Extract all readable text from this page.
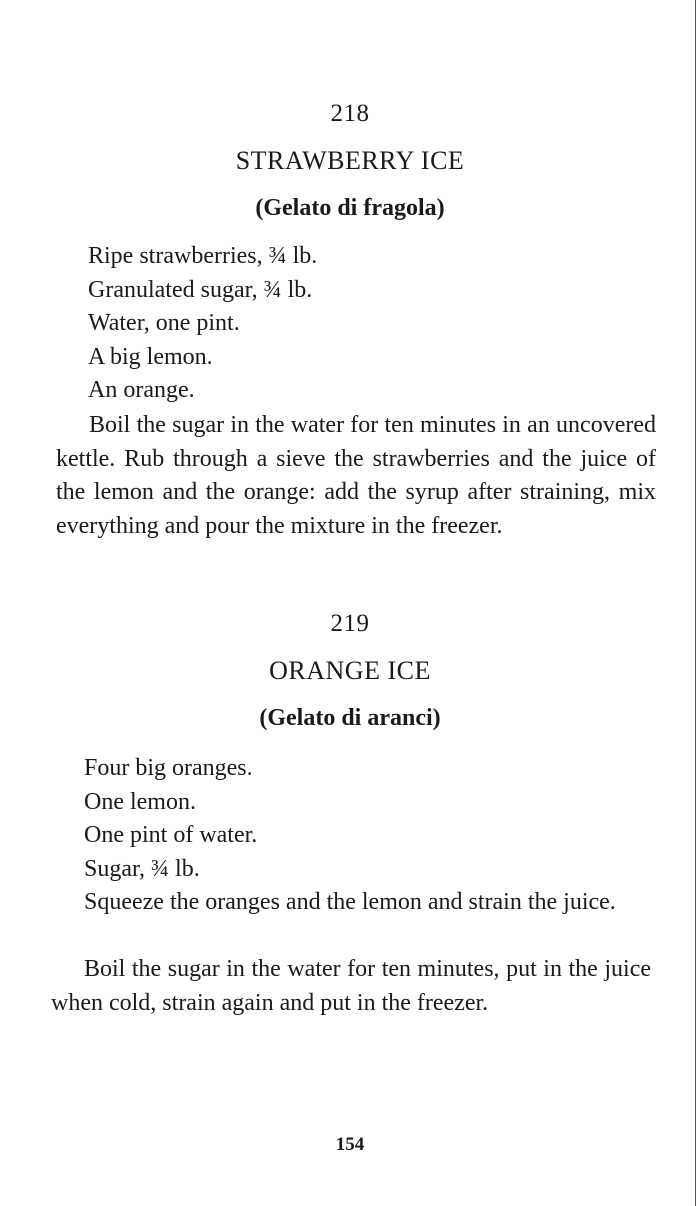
218
STRAWBERRY ICE
(Gelato di fragola)
Ripe strawberries, ¾ lb.
Granulated sugar, ¾ lb.
Water, one pint.
A big lemon.
An orange.

Boil the sugar in the water for ten minutes in an uncovered kettle. Rub through a sieve the strawberries and the juice of the lemon and the orange: add the syrup after straining, mix everything and pour the mixture in the freezer.

219
ORANGE ICE
(Gelato di aranci)
Four big oranges.
One lemon.
One pint of water.
Sugar, ¾ lb.

Squeeze the oranges and the lemon and strain the juice.

Boil the sugar in the water for ten minutes, put in the juice when cold, strain again and put in the freezer.

154
